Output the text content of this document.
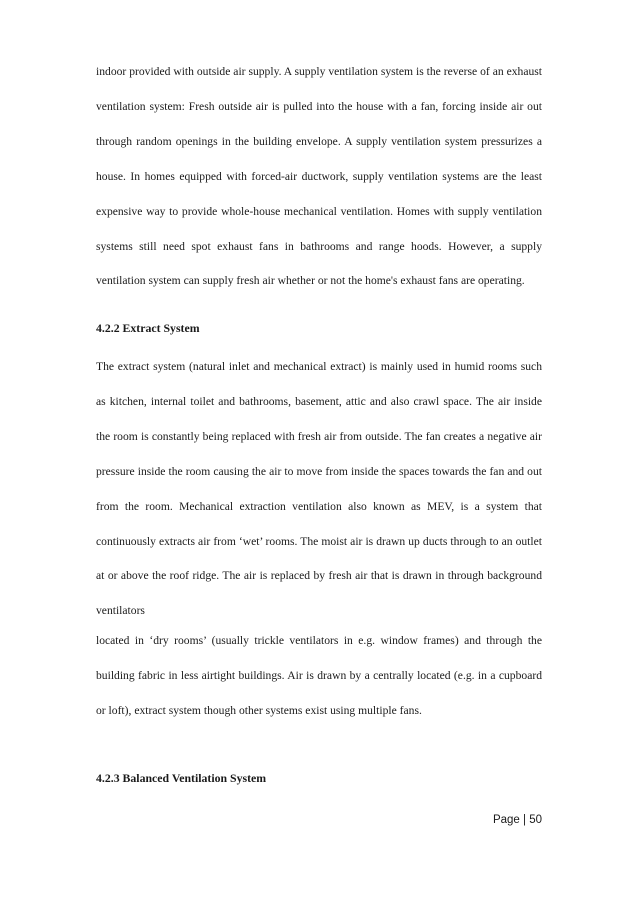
indoor provided with outside air supply. A supply ventilation system is the reverse of an exhaust ventilation system: Fresh outside air is pulled into the house with a fan, forcing inside air out through random openings in the building envelope. A supply ventilation system pressurizes a house. In homes equipped with forced-air ductwork, supply ventilation systems are the least expensive way to provide whole-house mechanical ventilation. Homes with supply ventilation systems still need spot exhaust fans in bathrooms and range hoods. However, a supply ventilation system can supply fresh air whether or not the home's exhaust fans are operating.

4.2.2 Extract System

The extract system (natural inlet and mechanical extract) is mainly used in humid rooms such as kitchen, internal toilet and bathrooms, basement, attic and also crawl space. The air inside the room is constantly being replaced with fresh air from outside. The fan creates a negative air pressure inside the room causing the air to move from inside the spaces towards the fan and out from the room. Mechanical extraction ventilation also known as MEV, is a system that continuously extracts air from ‘wet’ rooms. The moist air is drawn up ducts through to an outlet at or above the roof ridge. The air is replaced by fresh air that is drawn in through background ventilators

located in ‘dry rooms’ (usually trickle ventilators in e.g. window frames) and through the building fabric in less airtight buildings. Air is drawn by a centrally located (e.g. in a cupboard or loft), extract system though other systems exist using multiple fans.

4.2.3 Balanced Ventilation System
Page | 50
